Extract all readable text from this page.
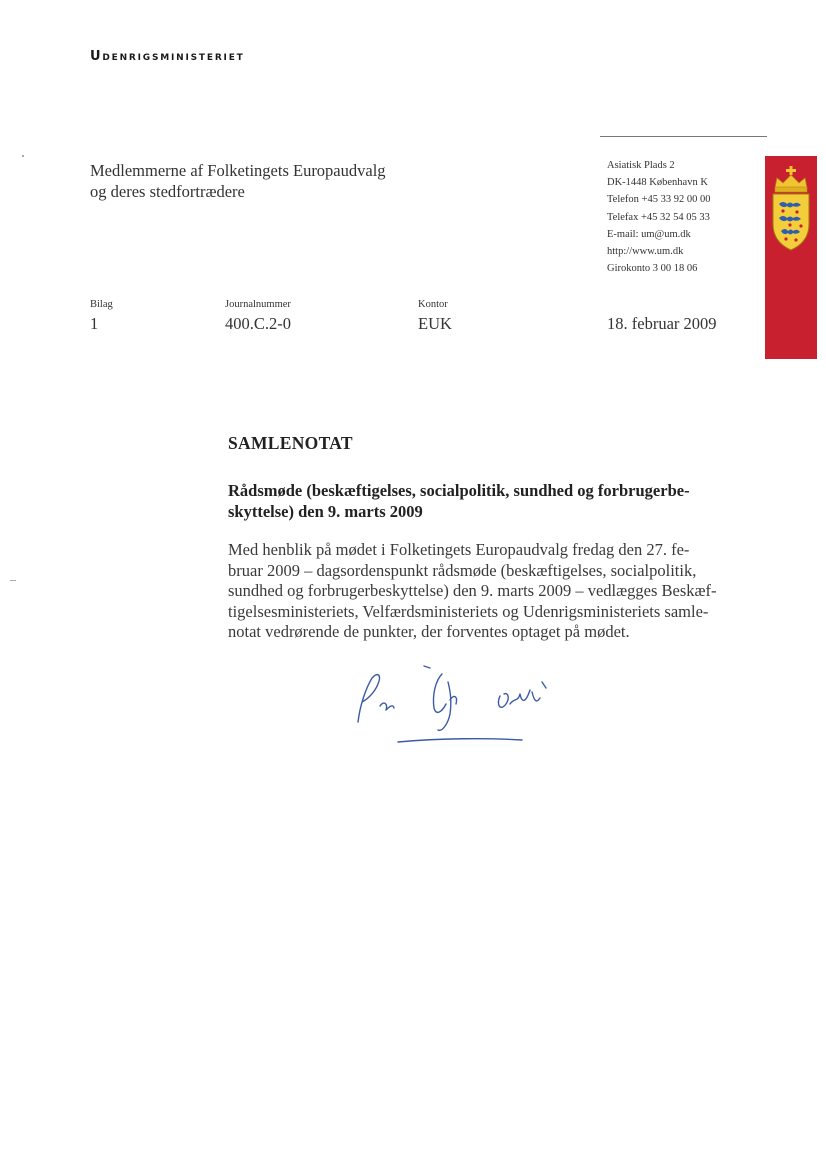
udenrigsministeriet
Medlemmerne af Folketingets Europaudvalg
og deres stedfortrædere
Asiatisk Plads 2
DK-1448 København K
Telefon +45 33 92 00 00
Telefax +45 32 54 05 33
E-mail: um@um.dk
http://www.um.dk
Girokonto 3 00 18 06
Bilag
1
Journalnummer
400.C.2-0
Kontor
EUK	18. februar 2009
SAMLENOTAT
Rådsmøde (beskæftigelses, socialpolitik, sundhed og forbrugerbe-
skyttelse) den 9. marts 2009
Med henblik på mødet i Folketingets Europaudvalg fredag den 27. fe-
bruar 2009 – dagsordenspunkt rådsmøde (beskæftigelses, socialpolitik,
sundhed og forbrugerbeskyttelse) den 9. marts 2009 – vedlægges Beskæf-
tigelsesministeriets, Velfærdsministeriets og Udenrigsministeriets samle-
notat vedrørende de punkter, der forventes optaget på mødet.
